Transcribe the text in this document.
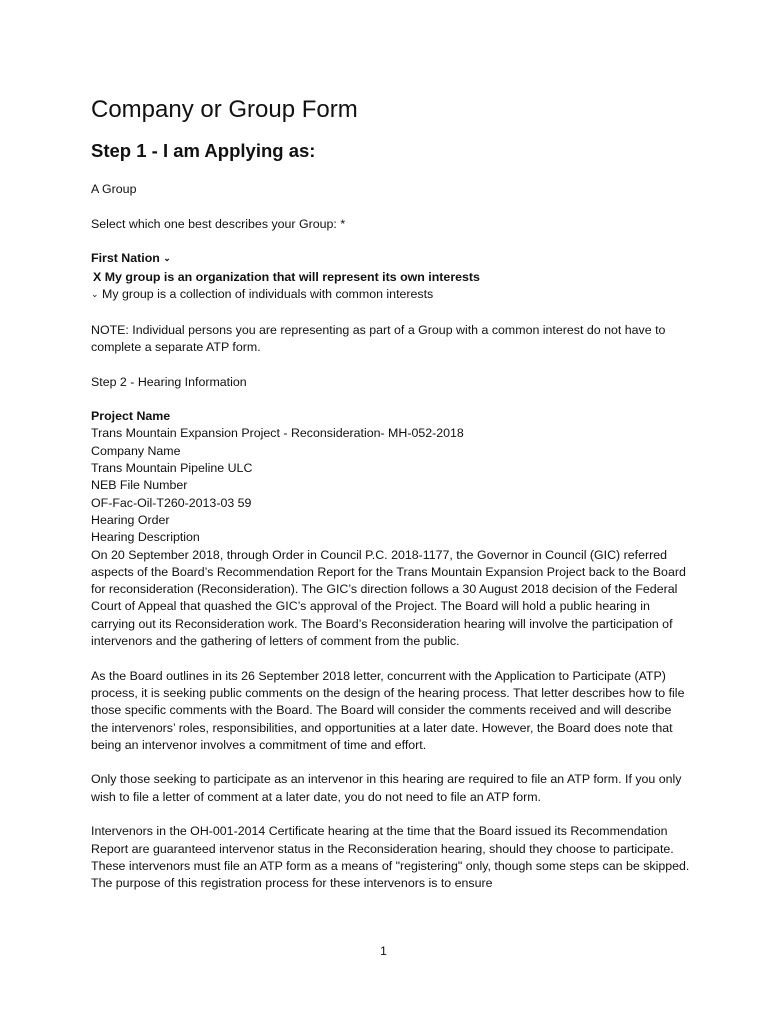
Company or Group Form
Step 1 - I am Applying as:

A Group

Select which one best describes your Group: *

First Nation ⌄

X My group is an organization that will represent its own interests

⌄ My group is a collection of individuals with common interests

NOTE: Individual persons you are representing as part of a Group with a common interest do not have to complete a separate ATP form.

Step 2 - Hearing Information

Project Name

Trans Mountain Expansion Project - Reconsideration- MH-052-2018

Company Name

Trans Mountain Pipeline ULC

NEB File Number

OF-Fac-Oil-T260-2013-03 59

Hearing Order

Hearing Description

On 20 September 2018, through Order in Council P.C. 2018-1177, the Governor in Council (GIC) referred aspects of the Board’s Recommendation Report for the Trans Mountain Expansion Project back to the Board for reconsideration (Reconsideration). The GIC’s direction follows a 30 August 2018 decision of the Federal Court of Appeal that quashed the GIC’s approval of the Project. The Board will hold a public hearing in carrying out its Reconsideration work. The Board’s Reconsideration hearing will involve the participation of intervenors and the gathering of letters of comment from the public.

As the Board outlines in its 26 September 2018 letter, concurrent with the Application to Participate (ATP) process, it is seeking public comments on the design of the hearing process. That letter describes how to file those specific comments with the Board. The Board will consider the comments received and will describe the intervenors’ roles, responsibilities, and opportunities at a later date. However, the Board does note that being an intervenor involves a commitment of time and effort.

Only those seeking to participate as an intervenor in this hearing are required to file an ATP form. If you only wish to file a letter of comment at a later date, you do not need to file an ATP form.

Intervenors in the OH-001-2014 Certificate hearing at the time that the Board issued its Recommendation Report are guaranteed intervenor status in the Reconsideration hearing, should they choose to participate. These intervenors must file an ATP form as a means of "registering" only, though some steps can be skipped. The purpose of this registration process for these intervenors is to ensure

1
